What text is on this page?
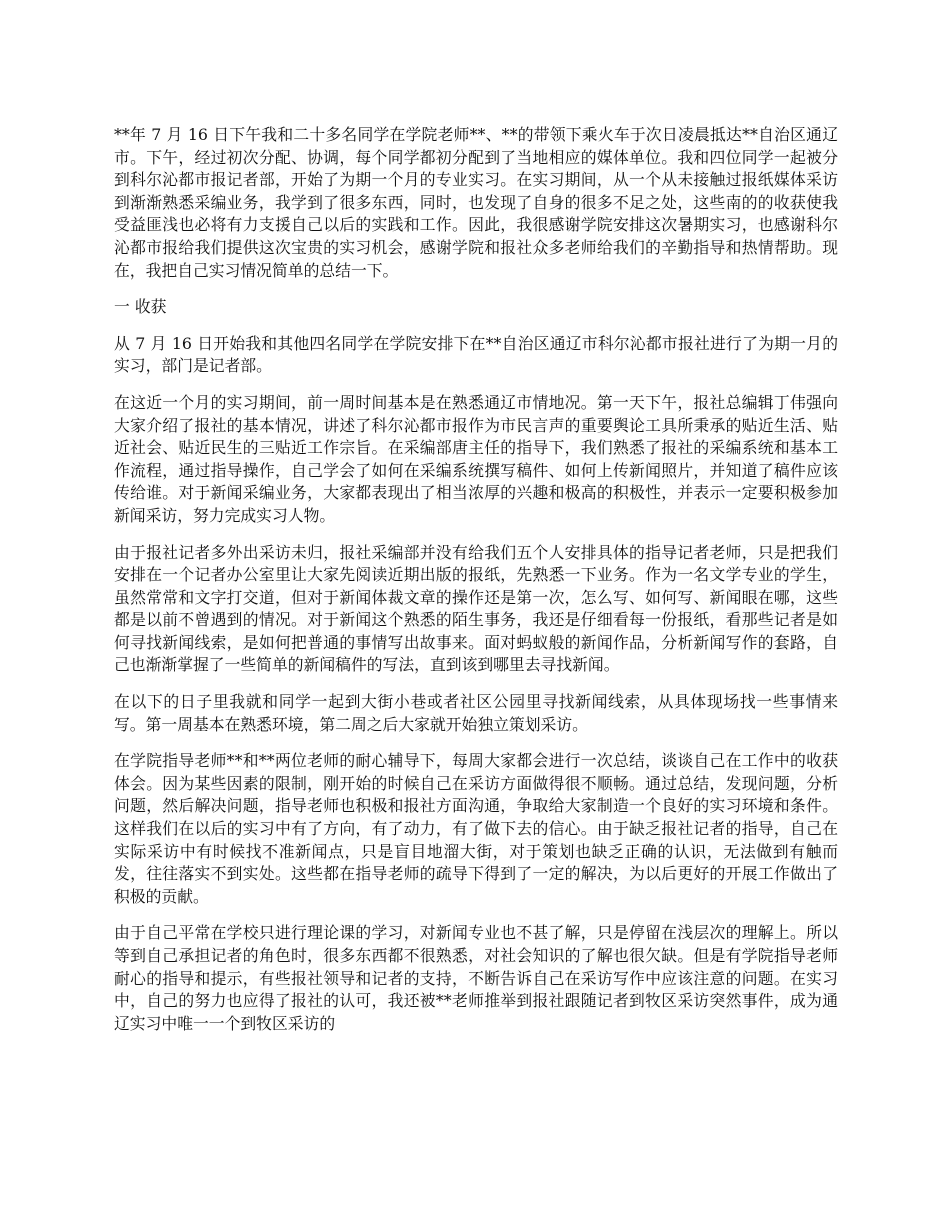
**年 7 月 16 日下午我和二十多名同学在学院老师**、**的带领下乘火车于次日凌晨抵达**自治区通辽市。下午，经过初次分配、协调，每个同学都初分配到了当地相应的媒体单位。我和四位同学一起被分到科尔沁都市报记者部，开始了为期一个月的专业实习。在实习期间，从一个从未接触过报纸媒体采访到渐渐熟悉采编业务，我学到了很多东西，同时，也发现了自身的很多不足之处，这些南的的收获使我受益匪浅也必将有力支援自己以后的实践和工作。因此，我很感谢学院安排这次暑期实习，也感谢科尔沁都市报给我们提供这次宝贵的实习机会，感谢学院和报社众多老师给我们的辛勤指导和热情帮助。现在，我把自己实习情况简单的总结一下。

一 收获

从 7 月 16 日开始我和其他四名同学在学院安排下在**自治区通辽市科尔沁都市报社进行了为期一月的实习，部门是记者部。

在这近一个月的实习期间，前一周时间基本是在熟悉通辽市情地况。第一天下午，报社总编辑丁伟强向大家介绍了报社的基本情况，讲述了科尔沁都市报作为市民言声的重要舆论工具所秉承的贴近生活、贴近社会、贴近民生的三贴近工作宗旨。在采编部唐主任的指导下，我们熟悉了报社的采编系统和基本工作流程，通过指导操作，自己学会了如何在采编系统撰写稿件、如何上传新闻照片，并知道了稿件应该传给谁。对于新闻采编业务，大家都表现出了相当浓厚的兴趣和极高的积极性，并表示一定要积极参加新闻采访，努力完成实习人物。

由于报社记者多外出采访未归，报社采编部并没有给我们五个人安排具体的指导记者老师，只是把我们安排在一个记者办公室里让大家先阅读近期出版的报纸，先熟悉一下业务。作为一名文学专业的学生，虽然常常和文字打交道，但对于新闻体裁文章的操作还是第一次，怎么写、如何写、新闻眼在哪，这些都是以前不曾遇到的情况。对于新闻这个熟悉的陌生事务，我还是仔细看每一份报纸，看那些记者是如何寻找新闻线索，是如何把普通的事情写出故事来。面对蚂蚁般的新闻作品，分析新闻写作的套路，自己也渐渐掌握了一些简单的新闻稿件的写法，直到该到哪里去寻找新闻。

在以下的日子里我就和同学一起到大街小巷或者社区公园里寻找新闻线索，从具体现场找一些事情来写。第一周基本在熟悉环境，第二周之后大家就开始独立策划采访。

在学院指导老师**和**两位老师的耐心辅导下，每周大家都会进行一次总结，谈谈自己在工作中的收获体会。因为某些因素的限制，刚开始的时候自己在采访方面做得很不顺畅。通过总结，发现问题，分析问题，然后解决问题，指导老师也积极和报社方面沟通，争取给大家制造一个良好的实习环境和条件。这样我们在以后的实习中有了方向，有了动力，有了做下去的信心。由于缺乏报社记者的指导，自己在实际采访中有时候找不准新闻点，只是盲目地溜大街，对于策划也缺乏正确的认识，无法做到有触而发，往往落实不到实处。这些都在指导老师的疏导下得到了一定的解决，为以后更好的开展工作做出了积极的贡献。

由于自己平常在学校只进行理论课的学习，对新闻专业也不甚了解，只是停留在浅层次的理解上。所以等到自己承担记者的角色时，很多东西都不很熟悉，对社会知识的了解也很欠缺。但是有学院指导老师耐心的指导和提示，有些报社领导和记者的支持，不断告诉自己在采访写作中应该注意的问题。在实习中，自己的努力也应得了报社的认可，我还被**老师推举到报社跟随记者到牧区采访突然事件，成为通辽实习中唯一一个到牧区采访的
